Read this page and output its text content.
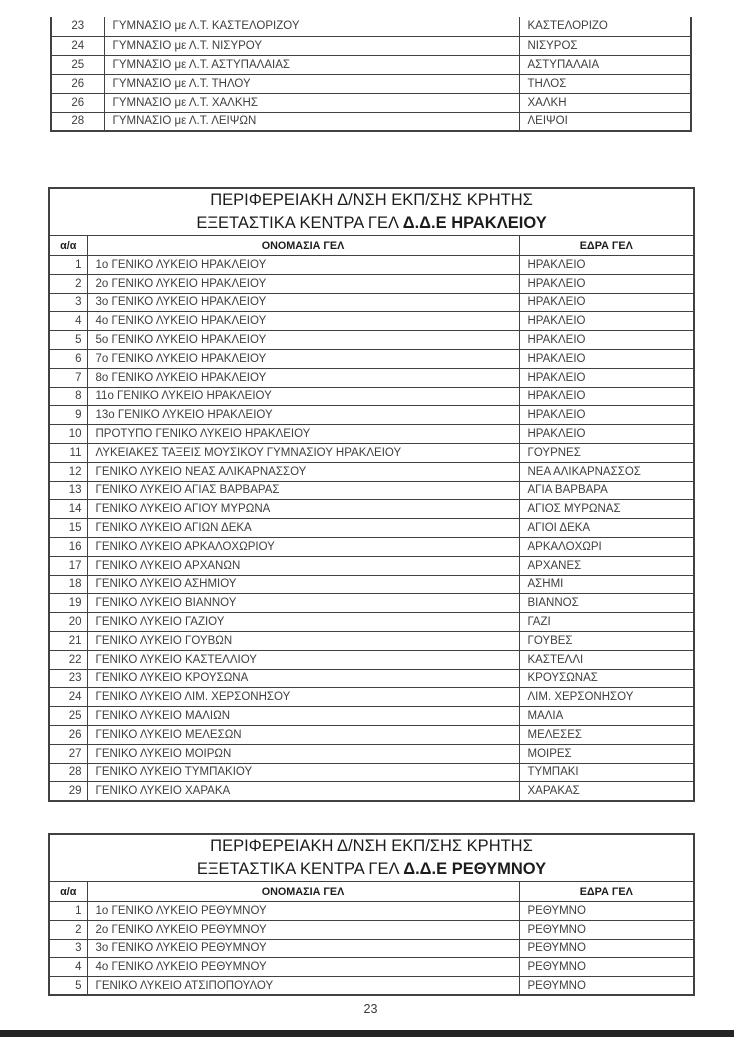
23	ΓΥΜΝΑΣΙΟ με Λ.Τ. ΚΑΣΤΕΛΟΡΙΖΟΥ	ΚΑΣΤΕΛΟΡΙΖΟ
24	ΓΥΜΝΑΣΙΟ με Λ.Τ. ΝΙΣΥΡΟΥ	ΝΙΣΥΡΟΣ
25	ΓΥΜΝΑΣΙΟ με Λ.Τ. ΑΣΤΥΠΑΛΑΙΑΣ	ΑΣΤΥΠΑΛΑΙΑ
26	ΓΥΜΝΑΣΙΟ με Λ.Τ. ΤΗΛΟΥ	ΤΗΛΟΣ
26	ΓΥΜΝΑΣΙΟ με Λ.Τ. ΧΑΛΚΗΣ	ΧΑΛΚΗ
28	ΓΥΜΝΑΣΙΟ με Λ.Τ. ΛΕΙΨΩΝ	ΛΕΙΨΟΙ
ΠΕΡΙΦΕΡΕΙΑΚΗ Δ/ΝΣΗ ΕΚΠ/ΣΗΣ ΚΡΗΤΗΣ
ΕΞΕΤΑΣΤΙΚΑ ΚΕΝΤΡΑ ΓΕΛ Δ.Δ.Ε ΗΡΑΚΛΕΙΟΥ		

α/α	ΟΝΟΜΑΣΙΑ ΓΕΛ	ΕΔΡΑ ΓΕΛ
1	1ο ΓΕΝΙΚΟ ΛΥΚΕΙΟ ΗΡΑΚΛΕΙΟΥ	ΗΡΑΚΛΕΙΟ
2	2ο ΓΕΝΙΚΟ ΛΥΚΕΙΟ ΗΡΑΚΛΕΙΟΥ	ΗΡΑΚΛΕΙΟ
3	3ο ΓΕΝΙΚΟ ΛΥΚΕΙΟ ΗΡΑΚΛΕΙΟΥ	ΗΡΑΚΛΕΙΟ
4	4ο ΓΕΝΙΚΟ ΛΥΚΕΙΟ ΗΡΑΚΛΕΙΟΥ	ΗΡΑΚΛΕΙΟ
5	5ο ΓΕΝΙΚΟ ΛΥΚΕΙΟ ΗΡΑΚΛΕΙΟΥ	ΗΡΑΚΛΕΙΟ
6	7ο ΓΕΝΙΚΟ ΛΥΚΕΙΟ ΗΡΑΚΛΕΙΟΥ	ΗΡΑΚΛΕΙΟ
7	8ο ΓΕΝΙΚΟ ΛΥΚΕΙΟ ΗΡΑΚΛΕΙΟΥ	ΗΡΑΚΛΕΙΟ
8	11ο ΓΕΝΙΚΟ ΛΥΚΕΙΟ ΗΡΑΚΛΕΙΟΥ	ΗΡΑΚΛΕΙΟ
9	13ο ΓΕΝΙΚΟ ΛΥΚΕΙΟ ΗΡΑΚΛΕΙΟΥ	ΗΡΑΚΛΕΙΟ
10	ΠΡΟΤΥΠΟ ΓΕΝΙΚΟ ΛΥΚΕΙΟ ΗΡΑΚΛΕΙΟΥ	ΗΡΑΚΛΕΙΟ
11	ΛΥΚΕΙΑΚΕΣ ΤΑΞΕΙΣ ΜΟΥΣΙΚΟΥ ΓΥΜΝΑΣΙΟΥ ΗΡΑΚΛΕΙΟΥ	ΓΟΥΡΝΕΣ
12	ΓΕΝΙΚΟ ΛΥΚΕΙΟ ΝΕΑΣ ΑΛΙΚΑΡΝΑΣΣΟΥ	ΝΕΑ ΑΛΙΚΑΡΝΑΣΣΟΣ
13	ΓΕΝΙΚΟ ΛΥΚΕΙΟ ΑΓΙΑΣ ΒΑΡΒΑΡΑΣ	ΑΓΙΑ ΒΑΡΒΑΡΑ
14	ΓΕΝΙΚΟ ΛΥΚΕΙΟ ΑΓΙΟΥ ΜΥΡΩΝΑ	ΑΓΙΟΣ ΜΥΡΩΝΑΣ
15	ΓΕΝΙΚΟ ΛΥΚΕΙΟ ΑΓΙΩΝ ΔΕΚΑ	ΑΓΙΟΙ ΔΕΚΑ
16	ΓΕΝΙΚΟ ΛΥΚΕΙΟ ΑΡΚΑΛΟΧΩΡΙΟΥ	ΑΡΚΑΛΟΧΩΡΙ
17	ΓΕΝΙΚΟ ΛΥΚΕΙΟ ΑΡΧΑΝΩΝ	ΑΡΧΑΝΕΣ
18	ΓΕΝΙΚΟ ΛΥΚΕΙΟ ΑΣΗΜΙΟΥ	ΑΣΗΜΙ
19	ΓΕΝΙΚΟ ΛΥΚΕΙΟ ΒΙΑΝΝΟΥ	ΒΙΑΝΝΟΣ
20	ΓΕΝΙΚΟ ΛΥΚΕΙΟ ΓΑΖΙΟΥ	ΓΑΖΙ
21	ΓΕΝΙΚΟ ΛΥΚΕΙΟ ΓΟΥΒΩΝ	ΓΟΥΒΕΣ
22	ΓΕΝΙΚΟ ΛΥΚΕΙΟ ΚΑΣΤΕΛΛΙΟΥ	ΚΑΣΤΕΛΛΙ
23	ΓΕΝΙΚΟ ΛΥΚΕΙΟ ΚΡΟΥΣΩΝΑ	ΚΡΟΥΣΩΝΑΣ
24	ΓΕΝΙΚΟ ΛΥΚΕΙΟ ΛΙΜ. ΧΕΡΣΟΝΗΣΟΥ	ΛΙΜ. ΧΕΡΣΟΝΗΣΟΥ
25	ΓΕΝΙΚΟ ΛΥΚΕΙΟ ΜΑΛΙΩΝ	ΜΑΛΙΑ
26	ΓΕΝΙΚΟ ΛΥΚΕΙΟ ΜΕΛΕΣΩΝ	ΜΕΛΕΣΕΣ
27	ΓΕΝΙΚΟ ΛΥΚΕΙΟ ΜΟΙΡΩΝ	ΜΟΙΡΕΣ
28	ΓΕΝΙΚΟ ΛΥΚΕΙΟ ΤΥΜΠΑΚΙΟΥ	ΤΥΜΠΑΚΙ
29	ΓΕΝΙΚΟ ΛΥΚΕΙΟ ΧΑΡΑΚΑ	ΧΑΡΑΚΑΣ
ΠΕΡΙΦΕΡΕΙΑΚΗ Δ/ΝΣΗ ΕΚΠ/ΣΗΣ ΚΡΗΤΗΣ
ΕΞΕΤΑΣΤΙΚΑ ΚΕΝΤΡΑ ΓΕΛ Δ.Δ.Ε ΡΕΘΥΜΝΟΥ		

α/α	ΟΝΟΜΑΣΙΑ ΓΕΛ	ΕΔΡΑ ΓΕΛ
1	1ο ΓΕΝΙΚΟ ΛΥΚΕΙΟ ΡΕΘΥΜΝΟΥ	ΡΕΘΥΜΝΟ
2	2ο ΓΕΝΙΚΟ ΛΥΚΕΙΟ ΡΕΘΥΜΝΟΥ	ΡΕΘΥΜΝΟ
3	3ο ΓΕΝΙΚΟ ΛΥΚΕΙΟ ΡΕΘΥΜΝΟΥ	ΡΕΘΥΜΝΟ
4	4ο ΓΕΝΙΚΟ ΛΥΚΕΙΟ ΡΕΘΥΜΝΟΥ	ΡΕΘΥΜΝΟ
5	ΓΕΝΙΚΟ ΛΥΚΕΙΟ ΑΤΣΙΠΟΠΟΥΛΟΥ	ΡΕΘΥΜΝΟ
23
